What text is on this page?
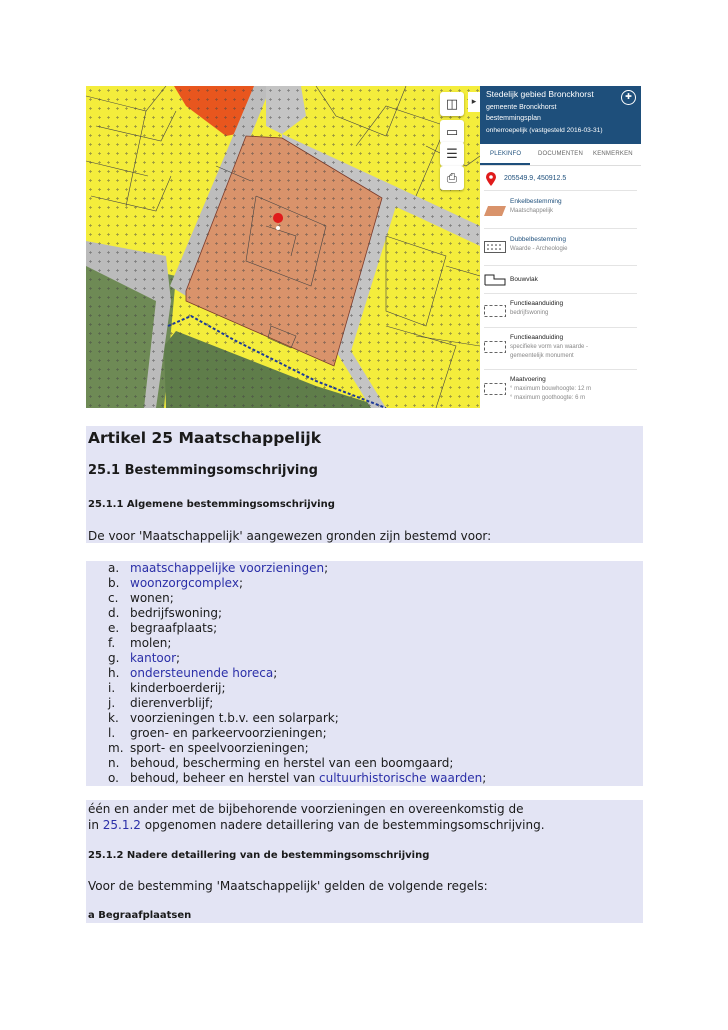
◫
▭
☰
⎙
▸
Stedelijk gebied Bronckhorst
gemeente Bronckhorst
bestemmingsplan
onherroepelijk (vastgesteld 2016-03-31)
✚
PLEKINFO	DOCUMENTEN KENMERKEN
205549.9, 450912.5
Enkelbestemming
Maatschappelijk
Dubbelbestemming
Waarde - Archeologie
Bouwvlak
Functieaanduiding
bedrijfswoning
Functieaanduiding
specifieke vorm van waarde -
gemeentelijk monument
Maatvoering
° maximum bouwhoogte: 12 m
° maximum goothoogte: 6 m
Artikel 25 Maatschappelijk
25.1 Bestemmingsomschrijving
25.1.1 Algemene bestemmingsomschrijving
De voor 'Maatschappelijk' aangewezen gronden zijn bestemd voor:
a. maatschappelijke voorzieningen;
b. woonzorgcomplex;
c. wonen;
d. bedrijfswoning;
e. begraafplaats;
f.	molen;
g. kantoor;
h. ondersteunende horeca;
i.	kinderboerderij;
j.	dierenverblijf;
k. voorzieningen t.b.v. een solarpark;
l.	groen- en parkeervoorzieningen;
m. sport- en speelvoorzieningen;
n. behoud, bescherming en herstel van een boomgaard;
o. behoud, beheer en herstel van cultuurhistorische waarden;
één en ander met de bijbehorende voorzieningen en overeenkomstig de
in 25.1.2 opgenomen nadere detaillering van de bestemmingsomschrijving.
25.1.2 Nadere detaillering van de bestemmingsomschrijving
Voor de bestemming 'Maatschappelijk' gelden de volgende regels:
a Begraafplaatsen
